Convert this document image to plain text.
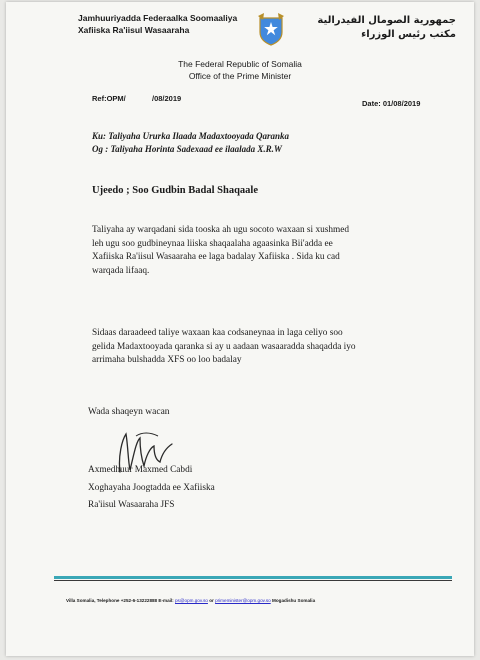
Jamhuuriyadda Federaalka Soomaaliya
Xafiiska Ra'iisul Wasaaraha
جمهورية الصومال الفيدرالية
مكتب رئيس الوزراء
The Federal Republic of Somalia
Office of the Prime Minister
Ref:OPM/	/08/2019
Date: 01/08/2019
Ku: Taliyaha Ururka Ilaada Madaxtooyada Qaranka
Og : Taliyaha Horinta Sadexaad ee ilaalada X.R.W
Ujeedo ; Soo Gudbin Badal Shaqaale
Taliyaha ay warqadani sida tooska ah ugu socoto waxaan si xushmed
leh ugu soo gudbineynaa liiska shaqaalaha agaasinka Bii'adda ee
Xafiiska Ra'iisul Wasaaraha ee laga badalay Xafiiska . Sida ku cad
warqada lifaaq.
Sidaas daraadeed taliye waxaan kaa codsaneynaa in laga celiyo soo
gelida Madaxtooyada qaranka si ay u aadaan wasaaradda shaqadda iyo
arrimaha bulshadda XFS oo loo badalay
Wada shaqeyn wacan
Axmedhuur Maxmed Cabdi
Xoghayaha Joogtadda ee Xafiiska
Ra'iisul Wasaaraha JFS
Villa Somalia, Telephone +252-6-13222888 E-mail: ps@opm.gov.so or primeminister@opm.gov.so Mogadishu Somalia
